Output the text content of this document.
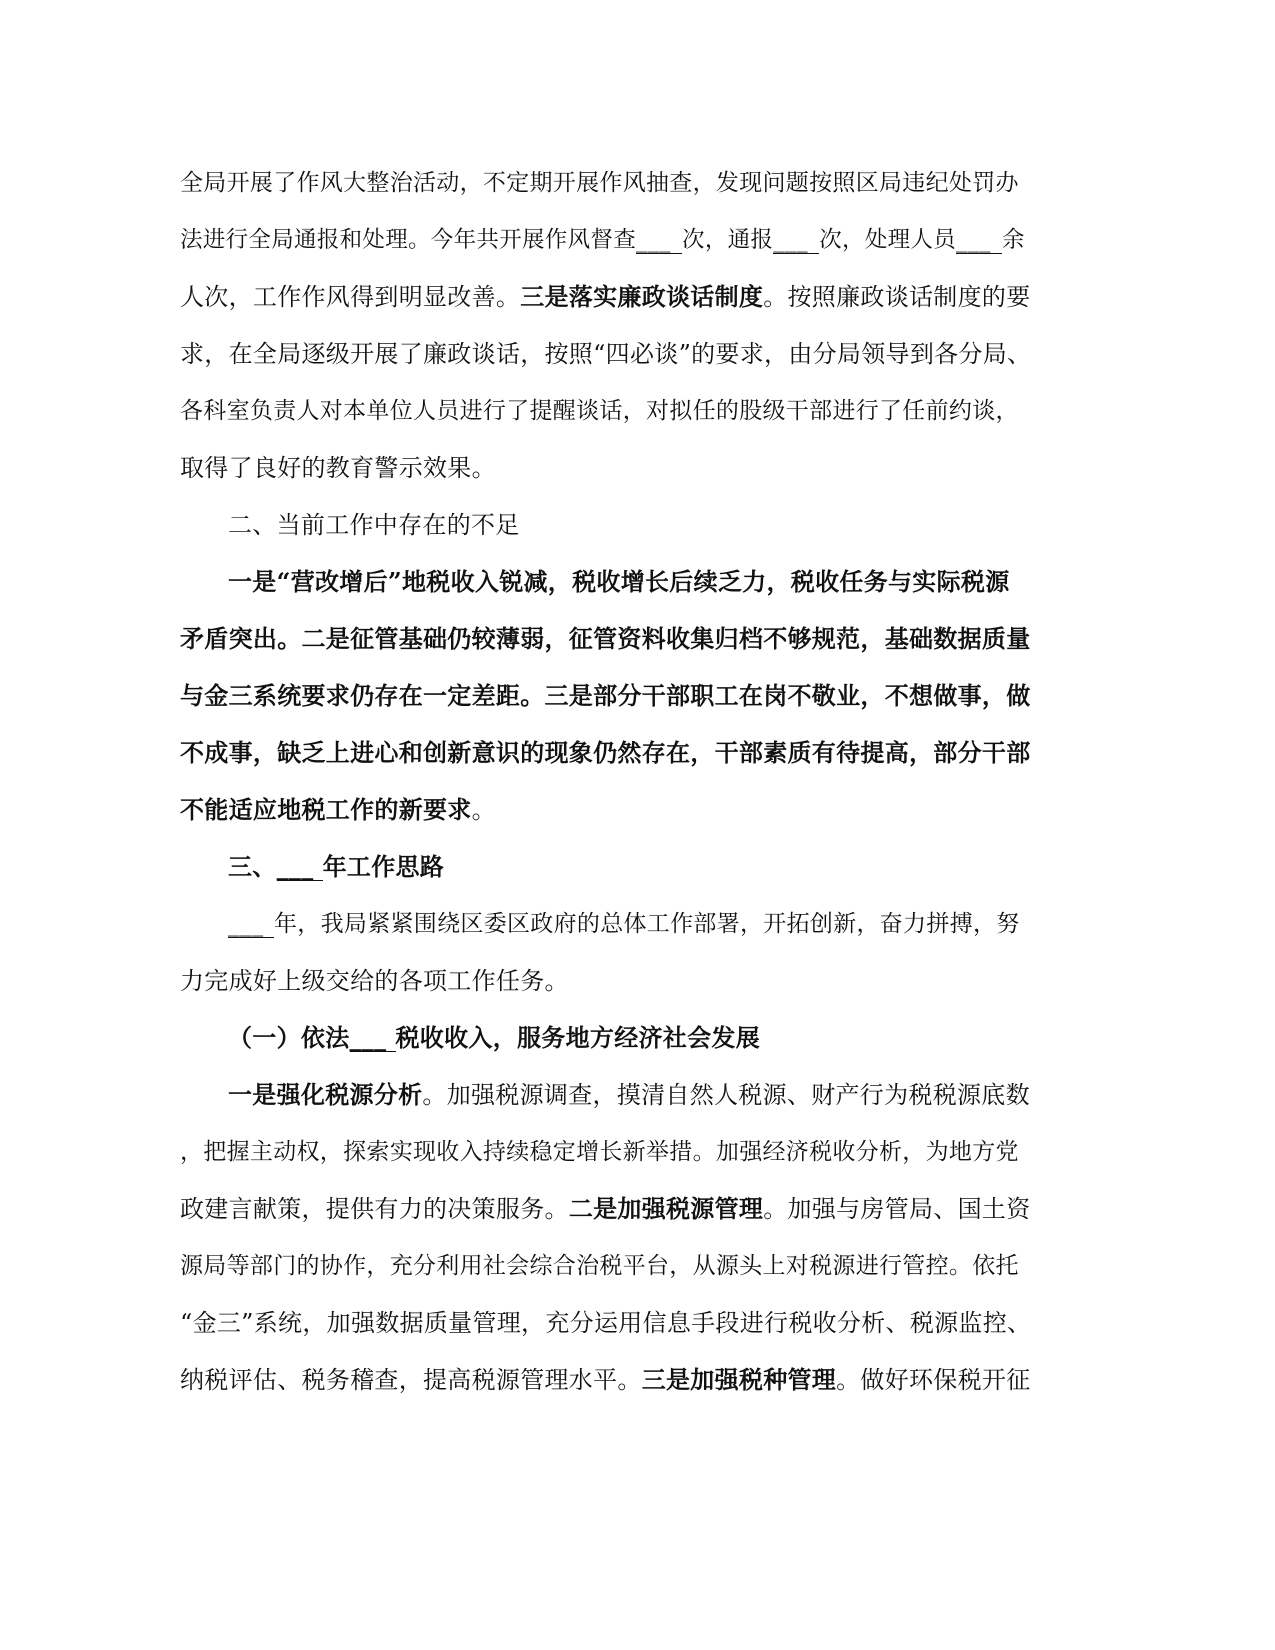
全局开展了作风大整治活动，不定期开展作风抽查，发现问题按照区局违纪处罚办

法进行全局通报和处理。今年共开展作风督查___ 次，通报___ 次，处理人员___ 余

人次，工作作风得到明显改善。三是落实廉政谈话制度。按照廉政谈话制度的要

求，在全局逐级开展了廉政谈话，按照“四必谈”的要求，由分局领导到各分局、

各科室负责人对本单位人员进行了提醒谈话，对拟任的股级干部进行了任前约谈，

取得了良好的教育警示效果。

二、当前工作中存在的不足

一是“营改增后”地税收入锐减，税收增长后续乏力，税收任务与实际税源

矛盾突出。二是征管基础仍较薄弱，征管资料收集归档不够规范，基础数据质量

与金三系统要求仍存在一定差距。三是部分干部职工在岗不敬业，不想做事，做

不成事，缺乏上进心和创新意识的现象仍然存在，干部素质有待提高，部分干部

不能适应地税工作的新要求。

三、___ 年工作思路

___ 年，我局紧紧围绕区委区政府的总体工作部署，开拓创新，奋力拼搏，努

力完成好上级交给的各项工作任务。

（一）依法___ 税收收入，服务地方经济社会发展

一是强化税源分析。加强税源调查，摸清自然人税源、财产行为税税源底数

，把握主动权，探索实现收入持续稳定增长新举措。加强经济税收分析，为地方党

政建言献策，提供有力的决策服务。二是加强税源管理。加强与房管局、国土资

源局等部门的协作，充分利用社会综合治税平台，从源头上对税源进行管控。依托

“金三”系统，加强数据质量管理，充分运用信息手段进行税收分析、税源监控、

纳税评估、税务稽查，提高税源管理水平。三是加强税种管理。做好环保税开征
